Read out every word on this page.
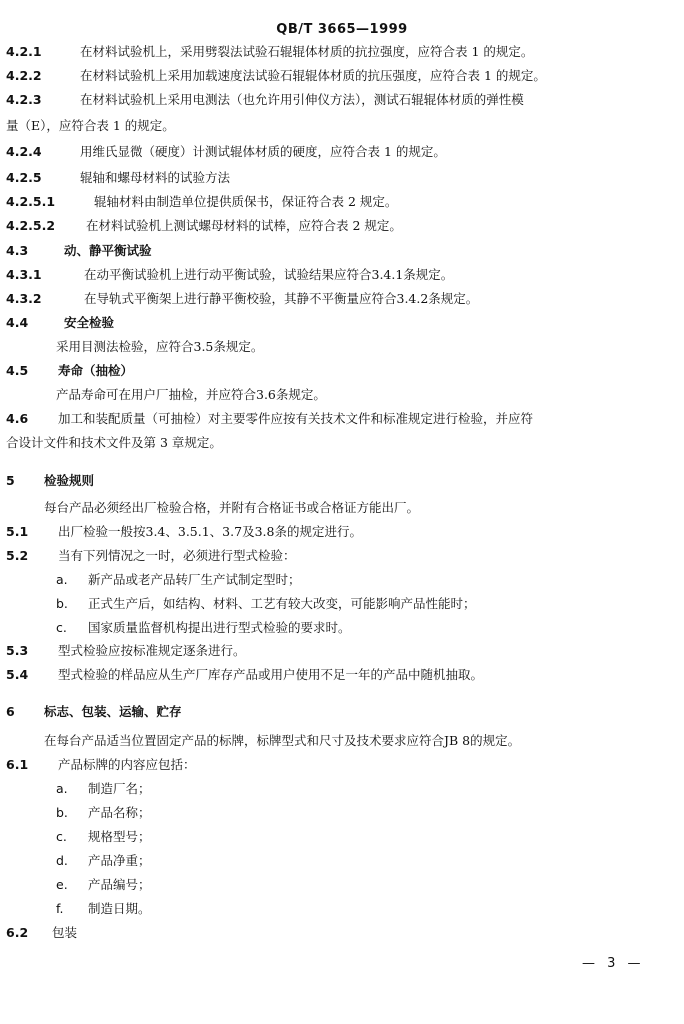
QB/T 3665—1999
4.2.1	在材料试验机上，采用劈裂法试验石辊辊体材质的抗拉强度，应符合表 1 的规定。
4.2.2	在材料试验机上采用加载速度法试验石辊辊体材质的抗压强度，应符合表 1 的规定。
4.2.3	在材料试验机上采用电测法（也允许用引伸仪方法），测试石辊辊体材质的弹性模
量（E），应符合表 1 的规定。
4.2.4	用维氏显微（硬度）计测试辊体材质的硬度，应符合表 1 的规定。
4.2.5	辊轴和螺母材料的试验方法
4.2.5.1	辊轴材料由制造单位提供质保书，保证符合表 2 规定。
4.2.5.2 在材料试验机上测试螺母材料的试棒，应符合表 2 规定。
4.3	动、静平衡试验
4.3.1	在动平衡试验机上进行动平衡试验，试验结果应符合3.4.1条规定。
4.3.2	在导轨式平衡架上进行静平衡校验，其静不平衡量应符合3.4.2条规定。
4.4	安全检验
采用目测法检验，应符合3.5条规定。
4.5 寿命（抽检）
产品寿命可在用户厂抽检，并应符合3.6条规定。
4.6 加工和装配质量（可抽检）对主要零件应按有关技术文件和标准规定进行检验，并应符
合设计文件和技术文件及第 3 章规定。
5 检验规则
每台产品必须经出厂检验合格，并附有合格证书或合格证方能出厂。
5.1 出厂检验一般按3.4、3.5.1、3.7及3.8条的规定进行。
5.2 当有下列情况之一时，必须进行型式检验：
a. 新产品或老产品转厂生产试制定型时；
b. 正式生产后，如结构、材料、工艺有较大改变，可能影响产品性能时；
c. 国家质量监督机构提出进行型式检验的要求时。
5.3 型式检验应按标准规定逐条进行。
5.4 型式检验的样品应从生产厂库存产品或用户使用不足一年的产品中随机抽取。
6 标志、包装、运输、贮存
在每台产品适当位置固定产品的标牌，标牌型式和尺寸及技术要求应符合JB 8的规定。
6.1 产品标牌的内容应包括：
a. 制造厂名；
b. 产品名称；
c. 规格型号；
d. 产品净重；
e. 产品编号；
f. 制造日期。
6.2 包装
— 3 —
